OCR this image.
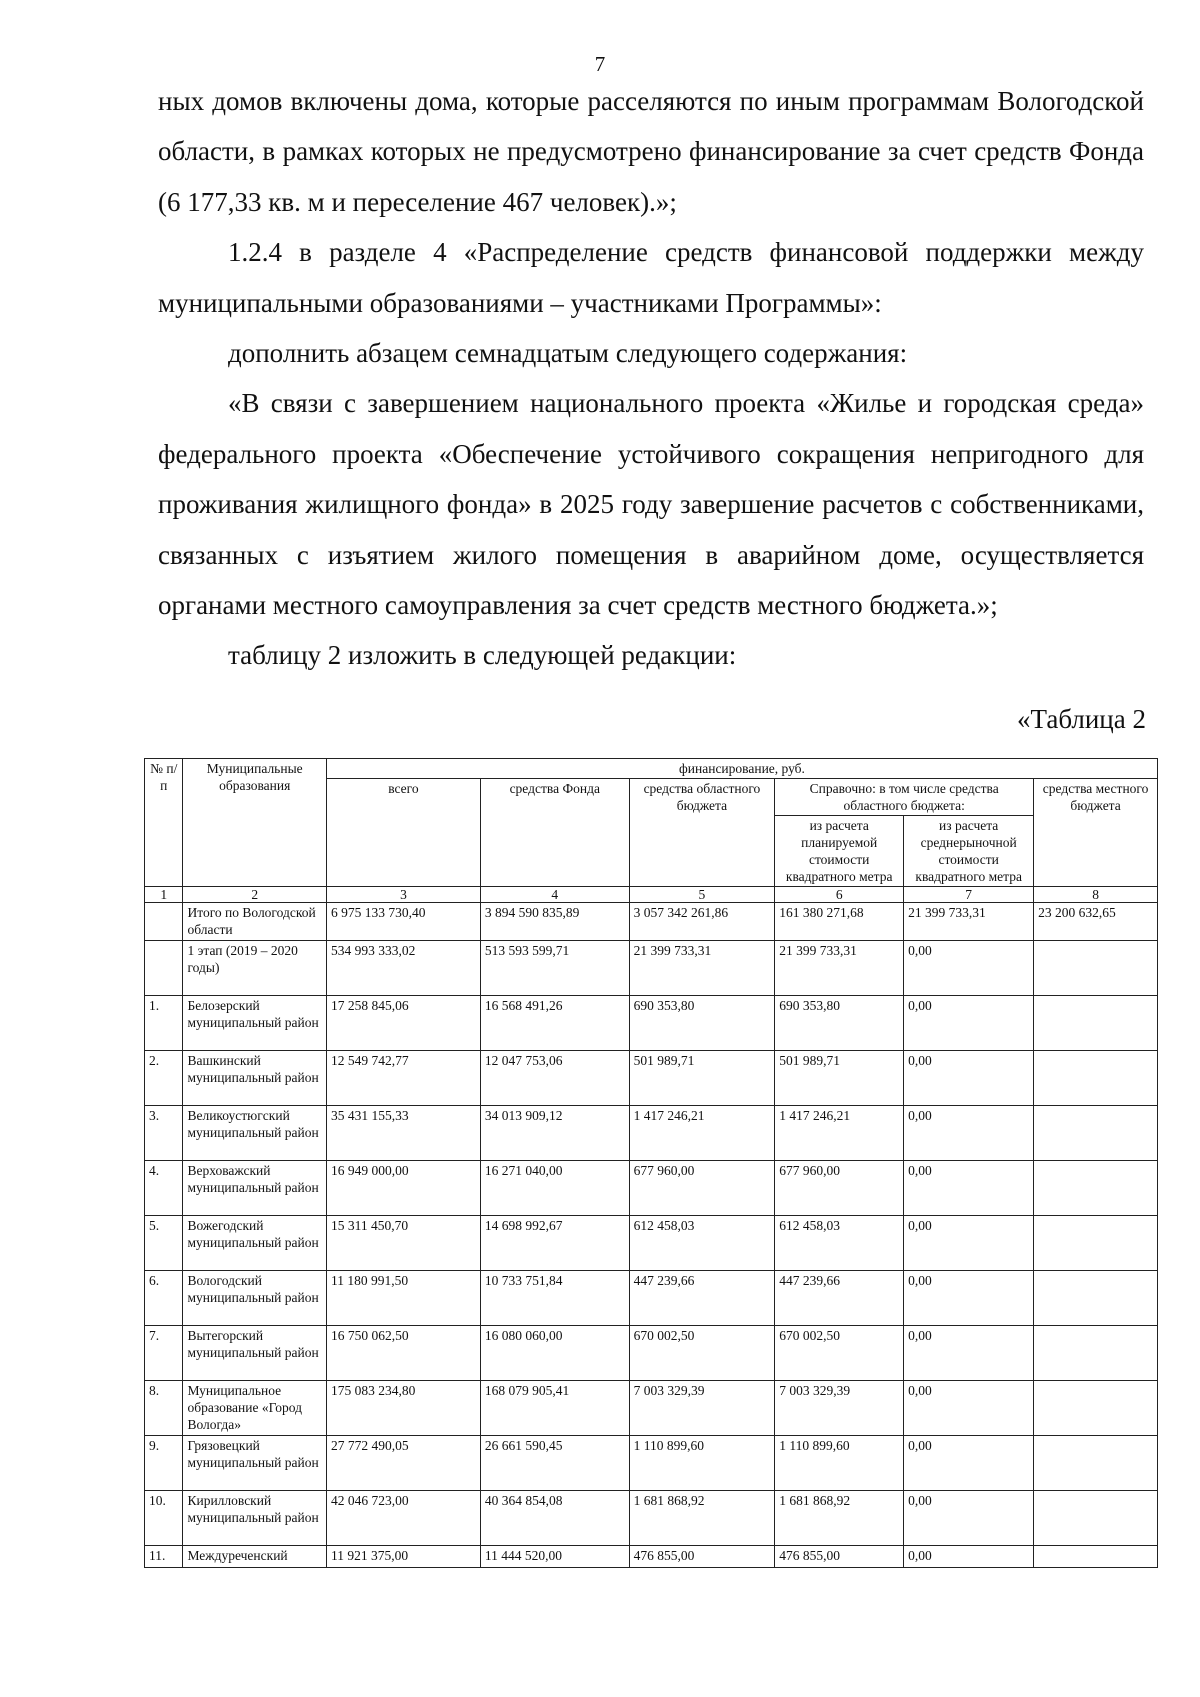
7

ных домов включены дома, которые расселяются по иным программам Вологодской области, в рамках которых не предусмотрено финансирование за счет средств Фонда (6 177,33 кв. м и переселение 467 человек).»;

1.2.4 в разделе 4 «Распределение средств финансовой поддержки между муниципальными образованиями – участниками Программы»:

дополнить абзацем семнадцатым следующего содержания:

«В связи с завершением национального проекта «Жилье и городская среда» федерального проекта «Обеспечение устойчивого сокращения непригодного для проживания жилищного фонда» в 2025 году завершение расчетов с собственниками, связанных с изъятием жилого помещения в аварийном доме, осуществляется органами местного самоуправления за счет средств местного бюджета.»;

таблицу 2 изложить в следующей редакции:

«Таблица 2
№ п/п	Муниципальные образования	финансирование, руб.					
		всего	средства Фонда	средства областного бюджета	Справочно: в том числе средства областного бюджета:		средства местного бюджета
					из расчета планируемой стоимости квадратного метра	из расчета среднерыночной стоимости квадратного метра	
1	2	3	4	5	6	7	8
	Итого по Вологодской области	6 975 133 730,40	3 894 590 835,89	3 057 342 261,86	161 380 271,68	21 399 733,31	23 200 632,65
	1 этап (2019 – 2020 годы)	534 993 333,02	513 593 599,71	21 399 733,31	21 399 733,31	0,00	
1.	Белозерский муниципальный район	17 258 845,06	16 568 491,26	690 353,80	690 353,80	0,00	
2.	Вашкинский муниципальный район	12 549 742,77	12 047 753,06	501 989,71	501 989,71	0,00	
3.	Великоустюгский муниципальный район	35 431 155,33	34 013 909,12	1 417 246,21	1 417 246,21	0,00	
4.	Верховажский муниципальный район	16 949 000,00	16 271 040,00	677 960,00	677 960,00	0,00	
5.	Вожегодский муниципальный район	15 311 450,70	14 698 992,67	612 458,03	612 458,03	0,00	
6.	Вологодский муниципальный район	11 180 991,50	10 733 751,84	447 239,66	447 239,66	0,00	
7.	Вытегорский муниципальный район	16 750 062,50	16 080 060,00	670 002,50	670 002,50	0,00	
8.	Муниципальное образование «Город Вологда»	175 083 234,80	168 079 905,41	7 003 329,39	7 003 329,39	0,00	
9.	Грязовецкий муниципальный район	27 772 490,05	26 661 590,45	1 110 899,60	1 110 899,60	0,00	
10.	Кирилловский муниципальный район	42 046 723,00	40 364 854,08	1 681 868,92	1 681 868,92	0,00	
11.	Междуреченский	11 921 375,00	11 444 520,00	476 855,00	476 855,00	0,00	
